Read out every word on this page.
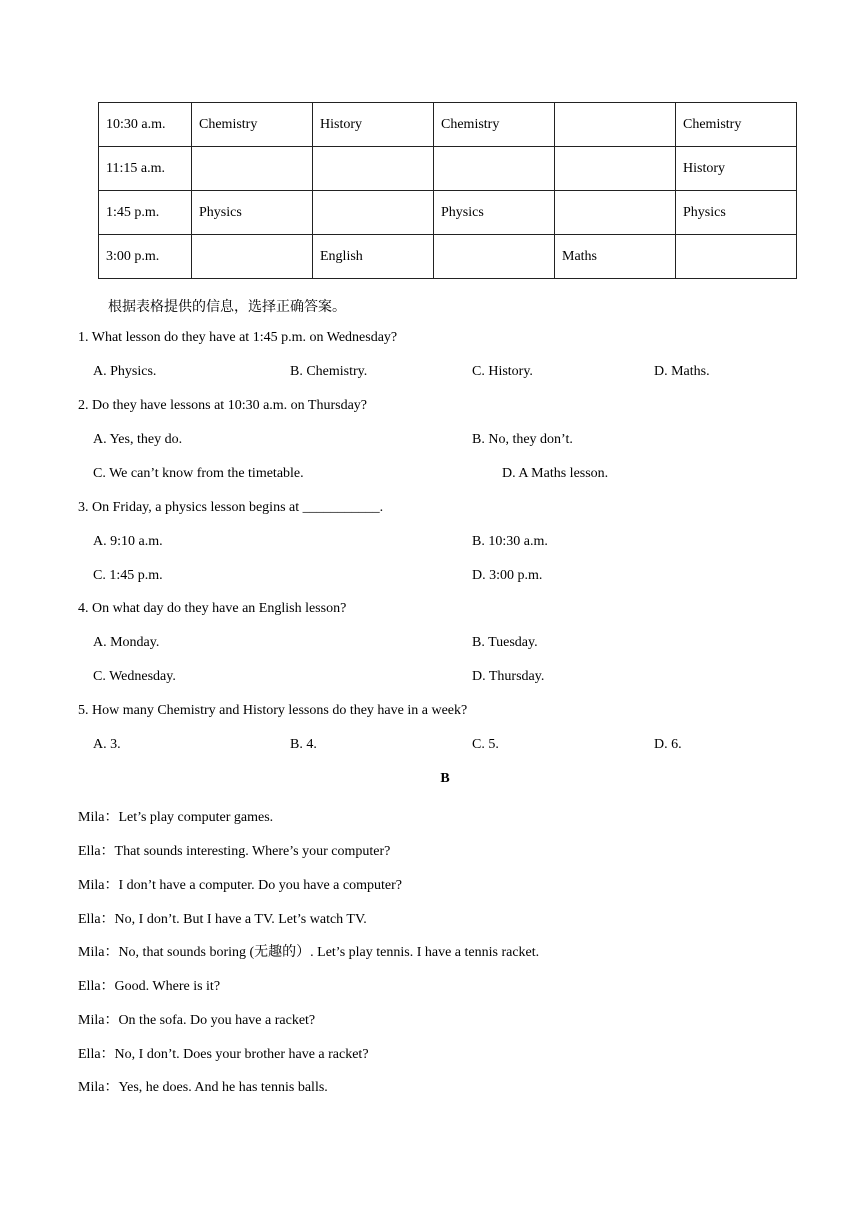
10:30 a.m.	Chemistry	History	Chemistry		Chemistry
11:15 a.m.					History
1:45 p.m.	Physics		Physics		Physics
3:00 p.m.		English		Maths	
根据表格提供的信息，选择正确答案。
1. What lesson do they have at 1:45 p.m. on Wednesday?
A. Physics.	B. Chemistry.	C. History.	D. Maths.
2. Do they have lessons at 10:30 a.m. on Thursday?
A. Yes, they do.	B. No, they don’t.
C. We can’t know from the timetable.	D. A Maths lesson.
3. On Friday, a physics lesson begins at ___________.
A. 9:10 a.m.	B. 10:30 a.m.
C. 1:45 p.m.	D. 3:00 p.m.
4. On what day do they have an English lesson?
A. Monday.	B. Tuesday.
C. Wednesday.	D. Thursday.
5. How many Chemistry and History lessons do they have in a week?
A. 3.	B. 4.	C. 5.	D. 6.
B
Mila：Let’s play computer games.
Ella：That sounds interesting. Where’s your computer?
Mila：I don’t have a computer. Do you have a computer?
Ella：No, I don’t. But I have a TV. Let’s watch TV.
Mila：No, that sounds boring (无趣的）. Let’s play tennis. I have a tennis racket.
Ella：Good. Where is it?
Mila：On the sofa. Do you have a racket?
Ella：No, I don’t. Does your brother have a racket?
Mila：Yes, he does. And he has tennis balls.
